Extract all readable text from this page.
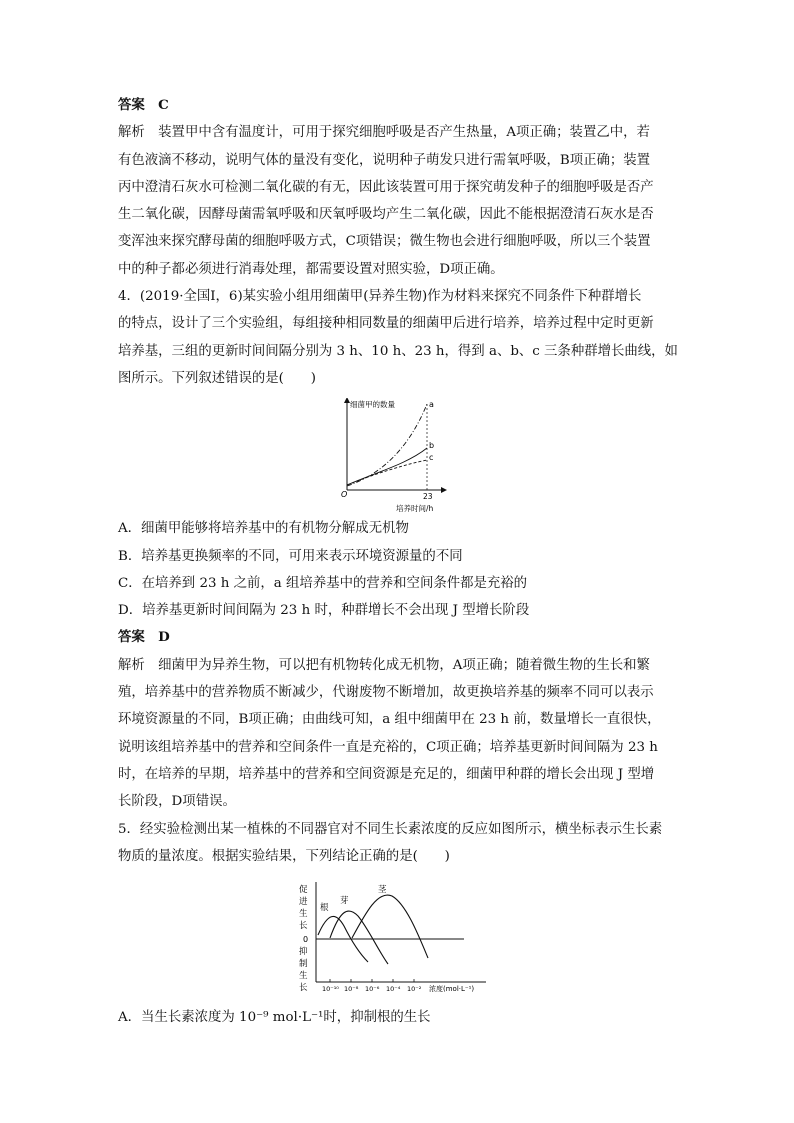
答案　C
解析　装置甲中含有温度计，可用于探究细胞呼吸是否产生热量，A项正确；装置乙中，若
有色液滴不移动，说明气体的量没有变化，说明种子萌发只进行需氧呼吸，B项正确；装置
丙中澄清石灰水可检测二氧化碳的有无，因此该装置可用于探究萌发种子的细胞呼吸是否产
生二氧化碳，因酵母菌需氧呼吸和厌氧呼吸均产生二氧化碳，因此不能根据澄清石灰水是否
变浑浊来探究酵母菌的细胞呼吸方式，C项错误；微生物也会进行细胞呼吸，所以三个装置
中的种子都必须进行消毒处理，都需要设置对照实验，D项正确。
4．(2019·全国Ⅰ，6)某实验小组用细菌甲(异养生物)作为材料来探究不同条件下种群增长
的特点，设计了三个实验组，每组接种相同数量的细菌甲后进行培养，培养过程中定时更新
培养基，三组的更新时间间隔分别为 3 h、10 h、23 h，得到 a、b、c 三条种群增长曲线，如
图所示。下列叙述错误的是(　　)
A．细菌甲能够将培养基中的有机物分解成无机物
B．培养基更换频率的不同，可用来表示环境资源量的不同
C．在培养到 23 h 之前，a 组培养基中的营养和空间条件都是充裕的
D．培养基更新时间间隔为 23 h 时，种群增长不会出现 J 型增长阶段
答案　D
解析　细菌甲为异养生物，可以把有机物转化成无机物，A项正确；随着微生物的生长和繁
殖，培养基中的营养物质不断减少，代谢废物不断增加，故更换培养基的频率不同可以表示
环境资源量的不同，B项正确；由曲线可知，a 组中细菌甲在 23 h 前，数量增长一直很快，
说明该组培养基中的营养和空间条件一直是充裕的，C项正确；培养基更新时间间隔为 23 h
时，在培养的早期，培养基中的营养和空间资源是充足的，细菌甲种群的增长会出现 J 型增
长阶段，D项错误。
5．经实验检测出某一植株的不同器官对不同生长素浓度的反应如图所示，横坐标表示生长素
物质的量浓度。根据实验结果，下列结论正确的是(　　)
A．当生长素浓度为 10⁻⁹ mol·L⁻¹时，抑制根的生长
细菌甲的数量
O	23
培养时间/h
a
b
c
促
进
生
长
0
抑
制
生
长
根
芽
茎
10⁻¹⁰ 10⁻⁸ 10⁻⁶ 10⁻⁴ 10⁻² 浓度(mol·L⁻¹)
